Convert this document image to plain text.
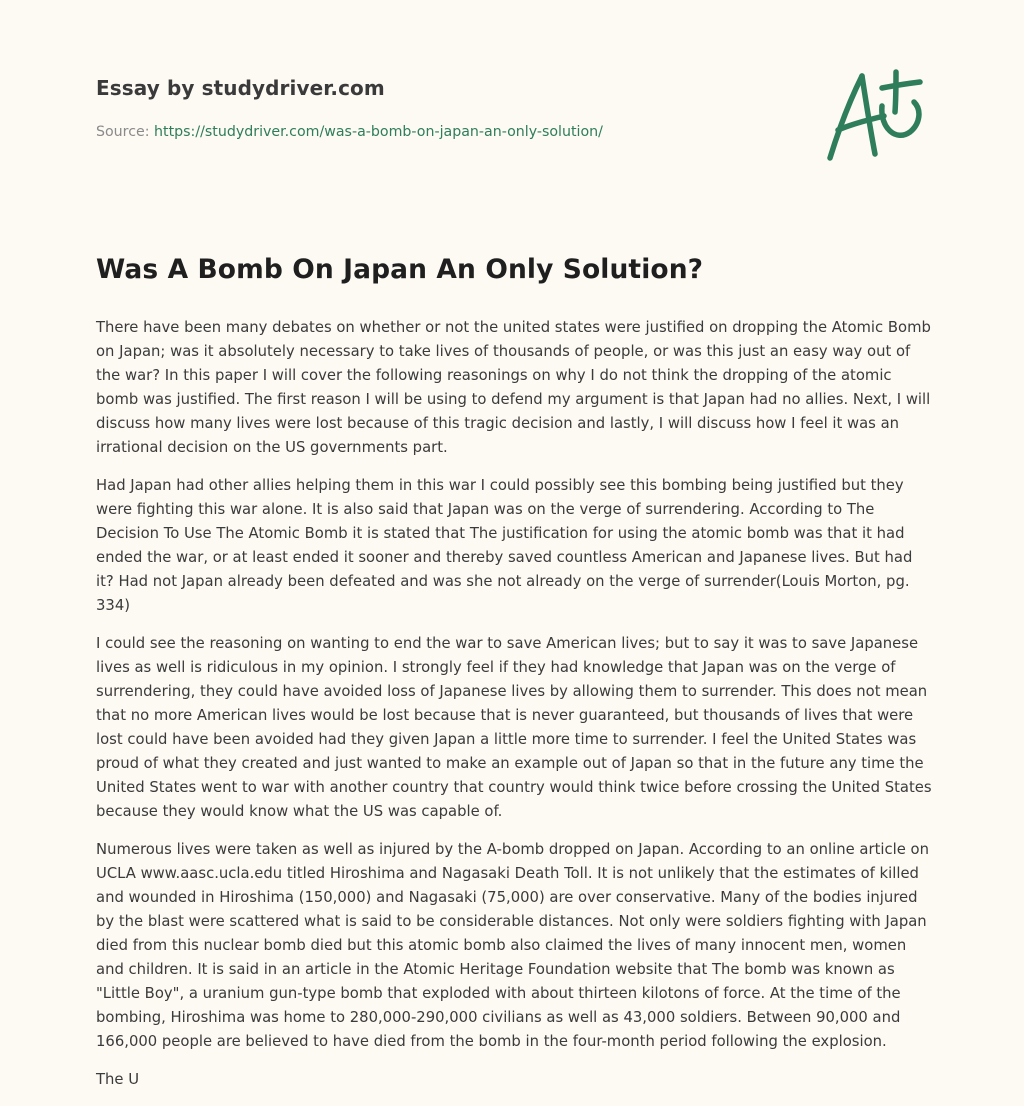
Essay by studydriver.com

Source: https://studydriver.com/was-a-bomb-on-japan-an-only-solution/

Was A Bomb On Japan An Only Solution?

There have been many debates on whether or not the united states were justified on dropping the Atomic Bomb on Japan; was it absolutely necessary to take lives of thousands of people, or was this just an easy way out of the war? In this paper I will cover the following reasonings on why I do not think the dropping of the atomic bomb was justified. The first reason I will be using to defend my argument is that Japan had no allies. Next, I will discuss how many lives were lost because of this tragic decision and lastly, I will discuss how I feel it was an irrational decision on the US governments part.

Had Japan had other allies helping them in this war I could possibly see this bombing being justified but they were fighting this war alone. It is also said that Japan was on the verge of surrendering. According to The Decision To Use The Atomic Bomb it is stated that The justification for using the atomic bomb was that it had ended the war, or at least ended it sooner and thereby saved countless American and Japanese lives. But had it? Had not Japan already been defeated and was she not already on the verge of surrender(Louis Morton, pg. 334)

I could see the reasoning on wanting to end the war to save American lives; but to say it was to save Japanese lives as well is ridiculous in my opinion. I strongly feel if they had knowledge that Japan was on the verge of surrendering, they could have avoided loss of Japanese lives by allowing them to surrender. This does not mean that no more American lives would be lost because that is never guaranteed, but thousands of lives that were lost could have been avoided had they given Japan a little more time to surrender. I feel the United States was proud of what they created and just wanted to make an example out of Japan so that in the future any time the United States went to war with another country that country would think twice before crossing the United States because they would know what the US was capable of.

Numerous lives were taken as well as injured by the A-bomb dropped on Japan. According to an online article on UCLA www.aasc.ucla.edu titled Hiroshima and Nagasaki Death Toll. It is not unlikely that the estimates of killed and wounded in Hiroshima (150,000) and Nagasaki (75,000) are over conservative. Many of the bodies injured by the blast were scattered what is said to be considerable distances. Not only were soldiers fighting with Japan died from this nuclear bomb died but this atomic bomb also claimed the lives of many innocent men, women and children. It is said in an article in the Atomic Heritage Foundation website that The bomb was known as "Little Boy", a uranium gun-type bomb that exploded with about thirteen kilotons of force. At the time of the bombing, Hiroshima was home to 280,000-290,000 civilians as well as 43,000 soldiers. Between 90,000 and 166,000 people are believed to have died from the bomb in the four-month period following the explosion.

The U
